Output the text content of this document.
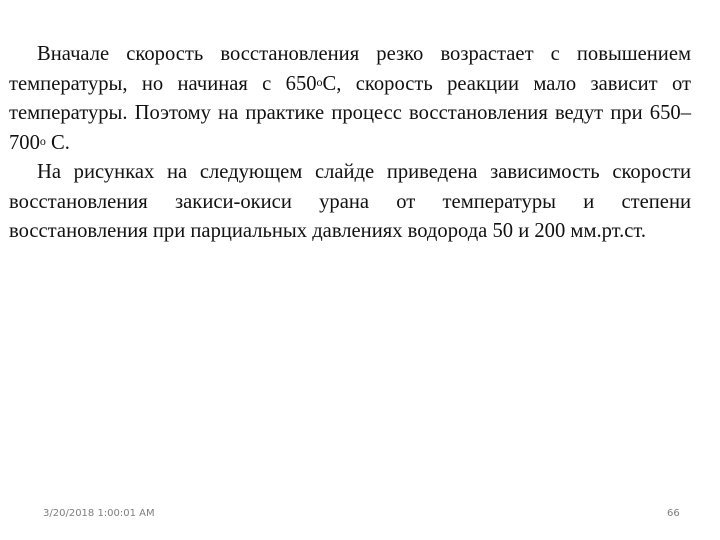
Вначале скорость восстановления резко возрастает с повышением температуры, но начиная с $650^оС$, скорость реакции мало зависит от температуры. Поэтому на практике процесс восстановления ведут при $650-700^о$ С.

На рисунках на следующем слайде приведена зависимость скорости восстановления закиси-окиси урана от температуры и степени восстановления при парциальных давлениях водорода 50 и 200 мм.рт.ст.

3/20/2018 1:00:01 AM	66
